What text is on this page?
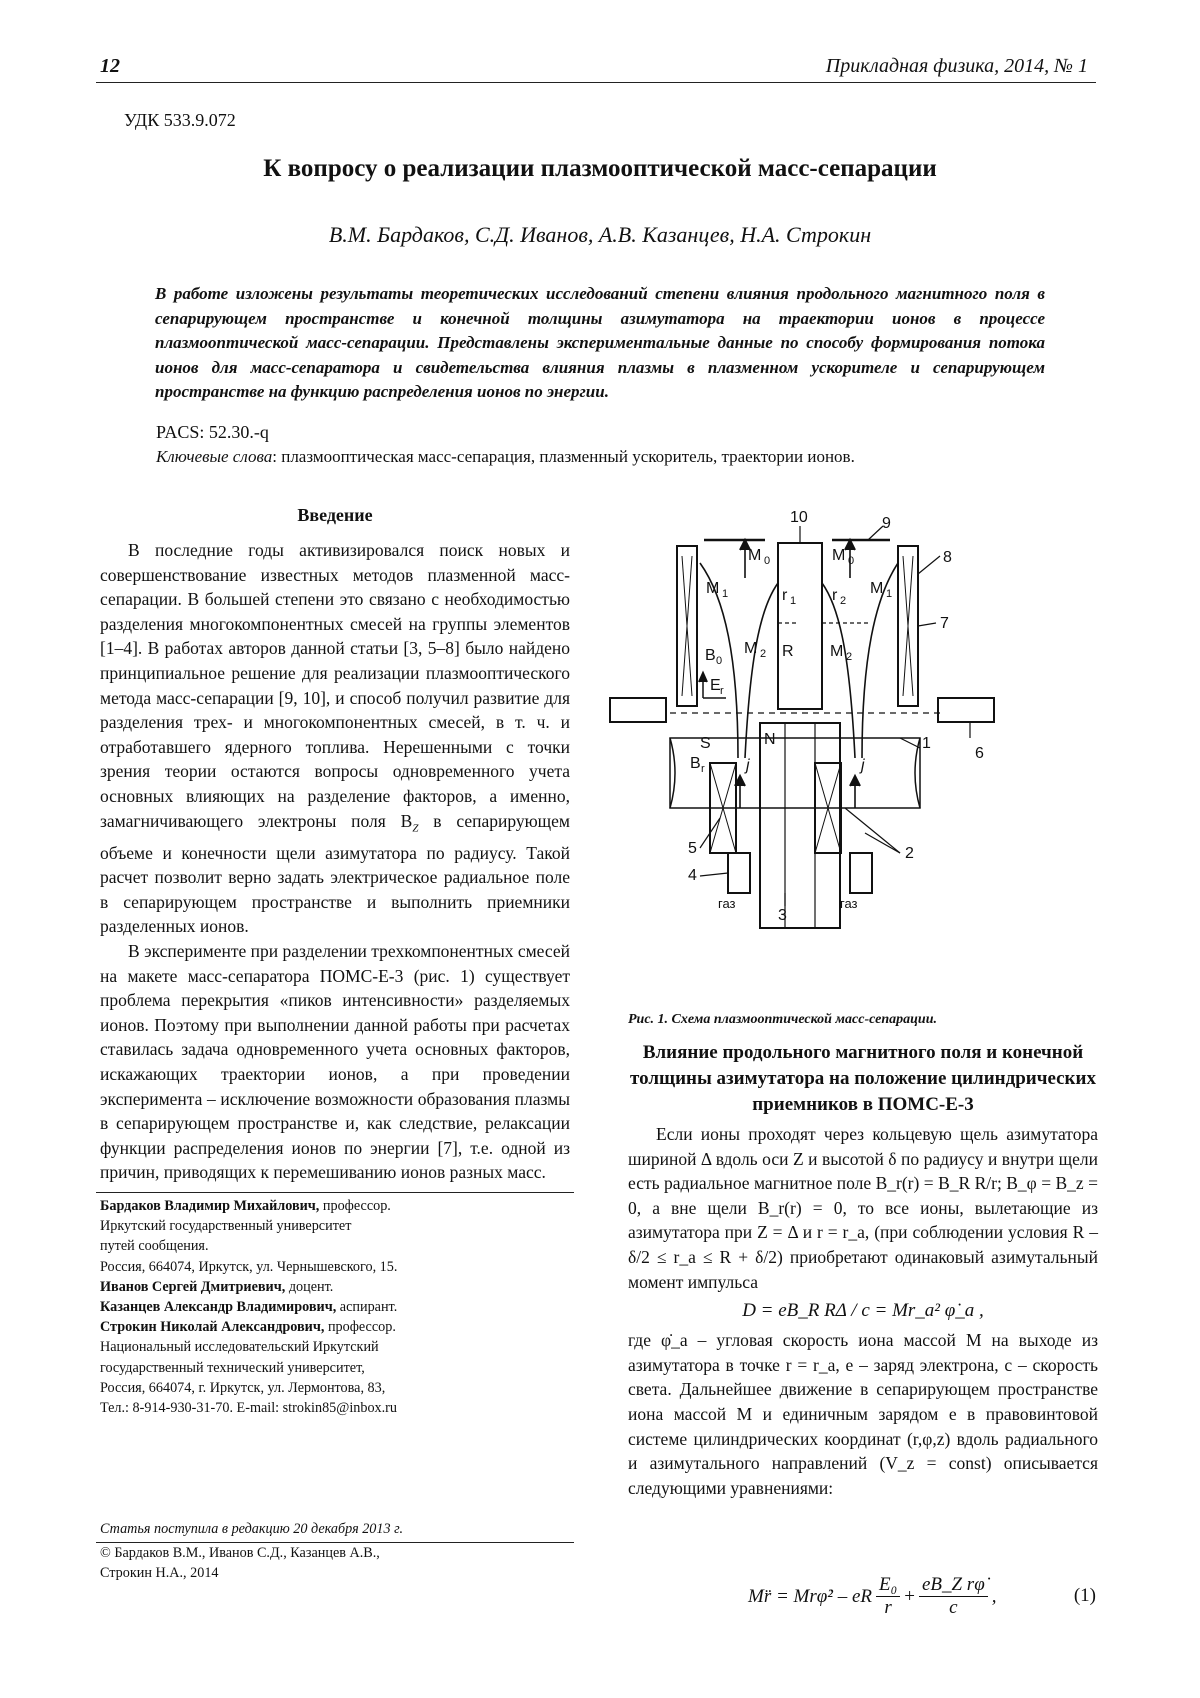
12	Прикладная физика, 2014, № 1
УДК 533.9.072
К вопросу о реализации плазмооптической масс-сепарации
В.М. Бардаков, С.Д. Иванов, А.В. Казанцев, Н.А. Строкин
В работе изложены результаты теоретических исследований степени влияния продольного магнитного поля в сепарирующем пространстве и конечной толщины азимутатора на траектории ионов в процессе плазмооптической масс-сепарации. Представлены экспериментальные данные по способу формирования потока ионов для масс-сепаратора и свидетельства влияния плазмы в плазменном ускорителе и сепарирующем пространстве на функцию распределения ионов по энергии.
PACS: 52.30.-q
Ключевые слова: плазмооптическая масс-сепарация, плазменный ускоритель, траектории ионов.
Введение

В последние годы активизировался поиск новых и совершенствование известных методов плазменной масс-сепарации. В большей степени это связано с необходимостью разделения многокомпонентных смесей на группы элементов [1–4]. В работах авторов данной статьи [3, 5–8] было найдено принципиальное решение для реализации плазмооптического метода масс-сепарации [9, 10], и способ получил развитие для разделения трех- и многокомпонентных смесей, в т. ч. и отработавшего ядерного топлива. Нерешенными с точки зрения теории остаются вопросы одновременного учета основных влияющих на разделение факторов, а именно, замагничивающего электроны поля $B_Z$ в сепарирующем объеме и конечности щели азимутатора по радиусу. Такой расчет позволит верно задать электрическое радиальное поле в сепарирующем пространстве и выполнить приемники разделенных ионов.

В эксперименте при разделении трехкомпонентных смесей на макете масс-сепаратора ПОМС-Е-3 (рис. 1) существует проблема перекрытия «пиков интенсивности» разделяемых ионов. Поэтому при выполнении данной работы при расчетах ставилась задача одновременного учета основных факторов, искажающих траектории ионов, а при проведении эксперимента – исключение возможности образования плазмы в сепарирующем пространстве и, как следствие, релаксации функции распределения ионов по энергии [7], т.е. одной из причин, приводящих к перемешиванию ионов разных масс.

Бардаков Владимир Михайлович, профессор.
Иркутский государственный университет
путей сообщения.
Россия, 664074, Иркутск, ул. Чернышевского, 15.
Иванов Сергей Дмитриевич, доцент.
Казанцев Александр Владимирович, аспирант.
Строкин Николай Александрович, профессор.
Национальный исследовательский Иркутский
государственный технический университет,
Россия, 664074, г. Иркутск, ул. Лермонтова, 83,
Тел.: 8-914-930-31-70. E-mail: strokin85@inbox.ru
Статья поступила в редакцию 20 декабря 2013 г.
© Бардаков В.М., Иванов С.Д., Казанцев А.В.,
Строкин Н.А., 2014
10	9
8
7
6
1
2
3
4
5
M 0	M 0
M 1	M 1
r 1 r 2
M 2 R M 2
B 0
E r
B r
S	N
j	j
газ	газ
Рис. 1. Схема плазмооптической масс-сепарации.
Влияние продольного магнитного поля и конечной толщины азимутатора на положение цилиндрических приемников в ПОМС-Е-3

Если ионы проходят через кольцевую щель азимутатора шириной Δ вдоль оси Z и высотой δ по радиусу и внутри щели есть радиальное магнитное поле B_r(r) = B_R R/r; B_φ = B_z = 0, а вне щели B_r(r) = 0, то все ионы, вылетающие из азимутатора при Z = Δ и r = r_a, (при соблюдении условия R – δ/2 ≤ r_a ≤ R + δ/2) приобретают одинаковый азимутальный момент импульса

D = eB_R RΔ / c = Mr_a² φ̇_a ,

где φ̇_a – угловая скорость иона массой M на выходе из азимутатора в точке r = r_a, e – заряд электрона, c – скорость света. Дальнейшее движение в сепарирующем пространстве иона массой M и единичным зарядом e в правовинтовой системе цилиндрических координат (r,φ,z) вдоль радиального и азимутального направлений (V_z = const) описывается следующими уравнениями:

Mr̈ = Mrφ̇² – eR $\frac{\text{E₀}}{r} + \frac{\text{eB\_Z rφ̇}}{c}$ ,	(1)
